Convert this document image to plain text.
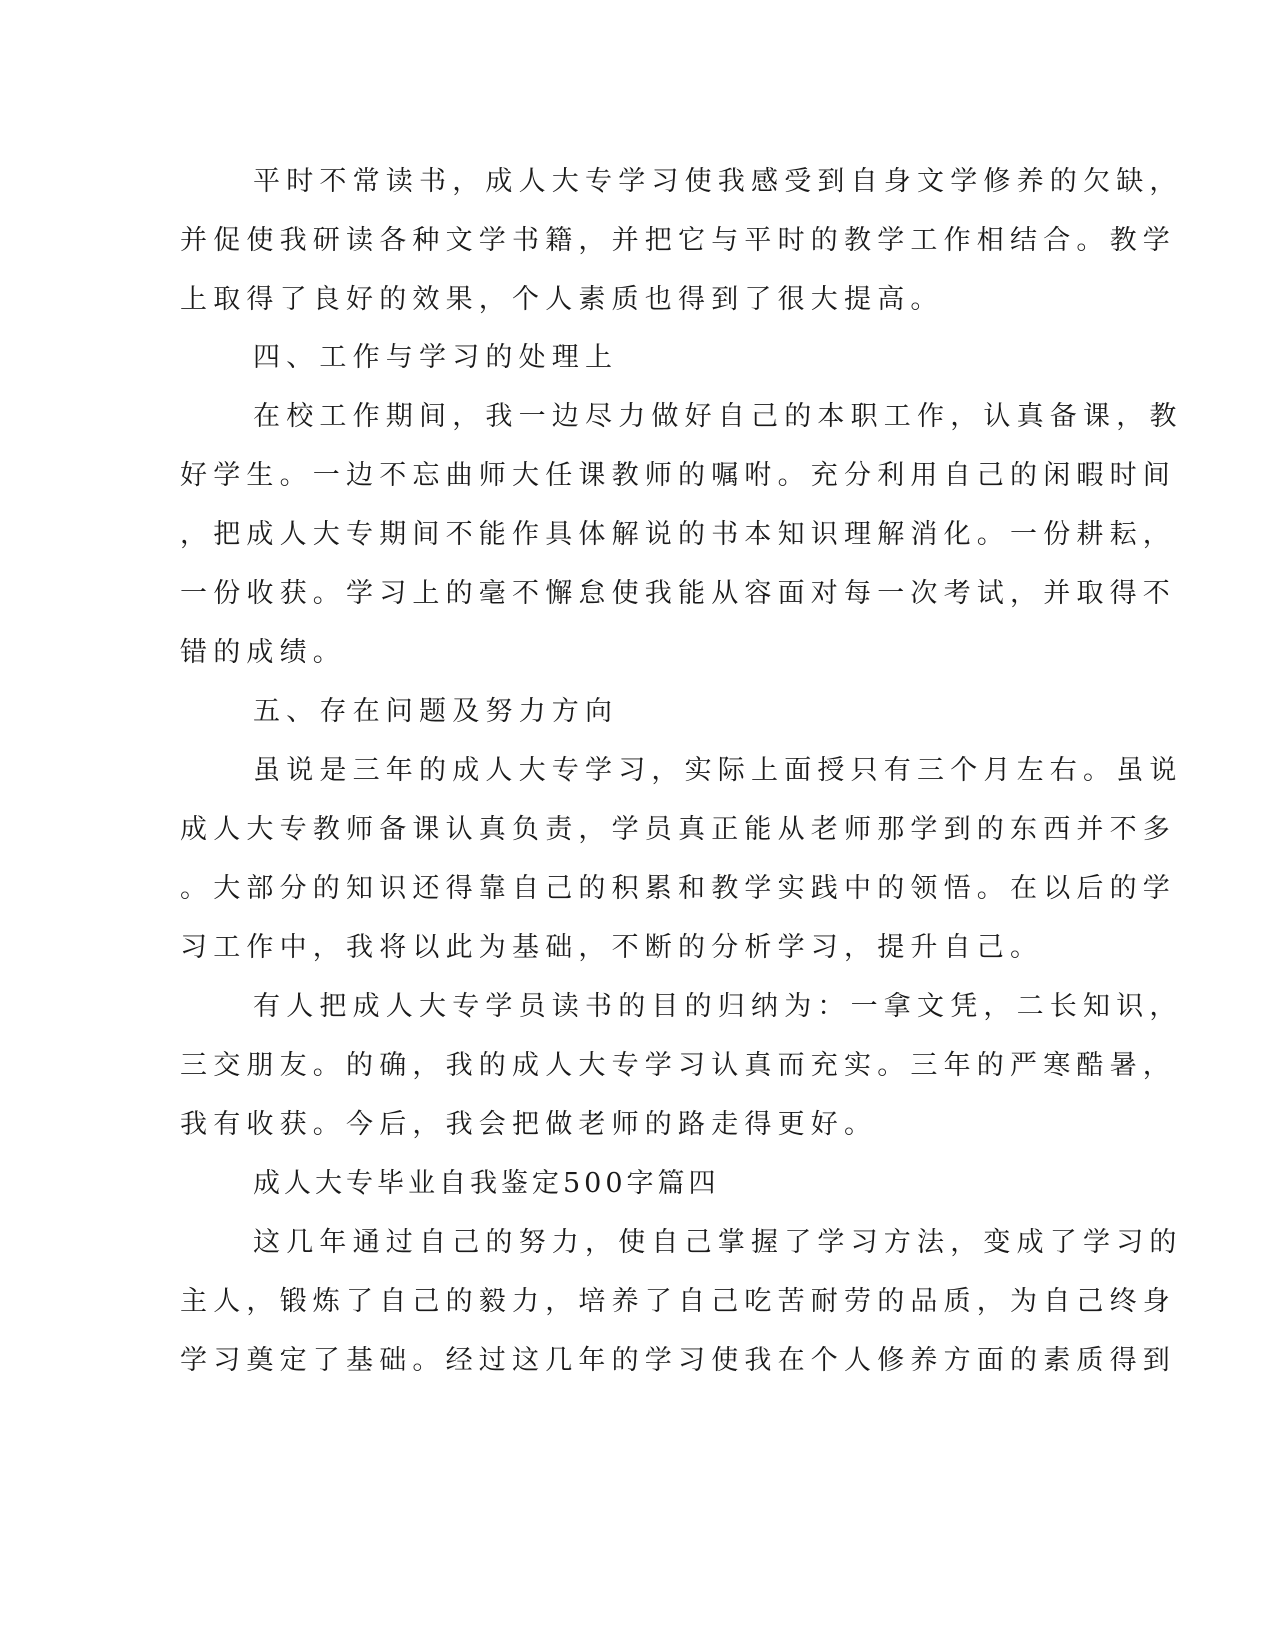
平时不常读书，成人大专学习使我感受到自身文学修养的欠缺，

并促使我研读各种文学书籍，并把它与平时的教学工作相结合。教学

上取得了良好的效果，个人素质也得到了很大提高。

四、工作与学习的处理上

在校工作期间，我一边尽力做好自己的本职工作，认真备课，教

好学生。一边不忘曲师大任课教师的嘱咐。充分利用自己的闲暇时间

，把成人大专期间不能作具体解说的书本知识理解消化。一份耕耘，

一份收获。学习上的毫不懈怠使我能从容面对每一次考试，并取得不

错的成绩。

五、存在问题及努力方向

虽说是三年的成人大专学习，实际上面授只有三个月左右。虽说

成人大专教师备课认真负责，学员真正能从老师那学到的东西并不多

。大部分的知识还得靠自己的积累和教学实践中的领悟。在以后的学

习工作中，我将以此为基础，不断的分析学习，提升自己。

有人把成人大专学员读书的目的归纳为：一拿文凭，二长知识，

三交朋友。的确，我的成人大专学习认真而充实。三年的严寒酷暑，

我有收获。今后，我会把做老师的路走得更好。

成人大专毕业自我鉴定500字篇四

这几年通过自己的努力，使自己掌握了学习方法，变成了学习的

主人，锻炼了自己的毅力，培养了自己吃苦耐劳的品质，为自己终身

学习奠定了基础。经过这几年的学习使我在个人修养方面的素质得到
